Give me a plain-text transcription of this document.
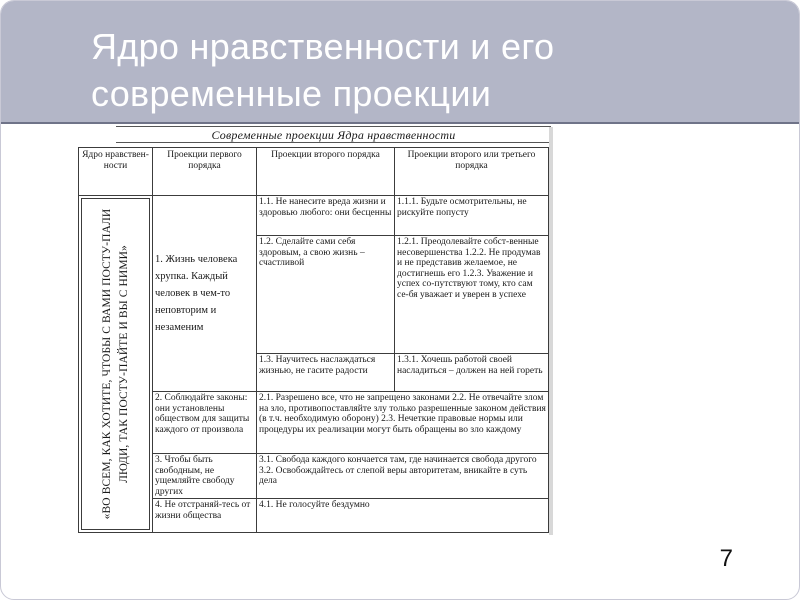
Ядро нравственности и его
современные проекции
Современные проекции Ядра нравственности
Ядро нравствен-ности	Проекции первого порядка	Проекции второго порядка	Проекции второго или третьего порядка

«ВО ВСЕМ, КАК ХОТИТЕ, ЧТОБЫ С ВАМИ ПОСТУ-ПАЛИ ЛЮДИ, ТАК ПОСТУ-ПАЙТЕ И ВЫ С НИМИ»	1. Жизнь человека хрупка. Каждый человек в чем-то неповторим и незаменим	1.1. Не нанесите вреда жизни и здоровью любого: они бесценны	1.1.1. Будьте осмотрительны, не рискуйте попусту
		1.2. Сделайте сами себя здоровым, а свою жизнь – счастливой	1.2.1. Преодолевайте собст-венные несовершенства 1.2.2. Не продумав и не представив желаемое, не достигнешь его 1.2.3. Уважение и успех со-путствуют тому, кто сам се-бя уважает и уверен в успехе
		1.3. Научитесь наслаждаться жизнью, не гасите радости	1.3.1. Хочешь работой своей насладиться – должен на ней гореть
	2. Соблюдайте законы: они установлены обществом для защиты каждого от произвола	2.1. Разрешено все, что не запрещено законами 2.2. Не отвечайте злом на зло, противопоставляйте злу только разрешенные законом действия (в т.ч. необходимую оборону) 2.3. Нечеткие правовые нормы или процедуры их реализации могут быть обращены во зло каждому	
	3. Чтобы быть свободным, не ущемляйте свободу других	3.1. Свобода каждого кончается там, где начинается свобода другого 3.2. Освобождайтесь от слепой веры авторитетам, вникайте в суть дела	
	4. Не отстраняй-тесь от жизни общества	4.1. Не голосуйте бездумно	
7
